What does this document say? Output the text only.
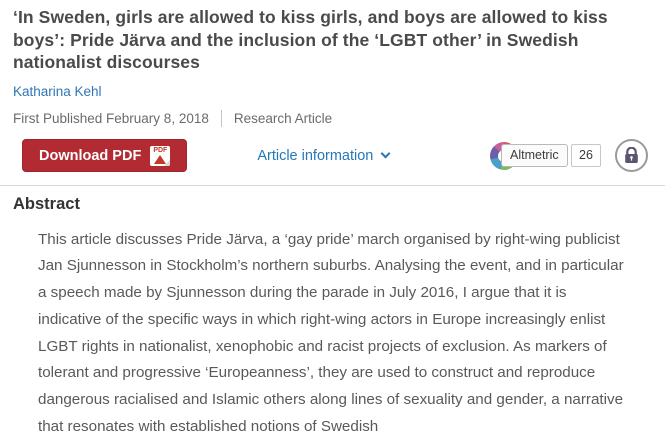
‘In Sweden, girls are allowed to kiss girls, and boys are allowed to kiss boys’: Pride Järva and the inclusion of the ‘LGBT other’ in Swedish nationalist discourses
Katharina Kehl
First Published February 8, 2018 Research Article
Download PDF	PDF	Article information	Altmetric	26
Abstract

This article discusses Pride Järva, a ‘gay pride’ march organised by right-wing publicist Jan Sjunnesson in Stockholm’s northern suburbs. Analysing the event, and in particular a speech made by Sjunnesson during the parade in July 2016, I argue that it is indicative of the specific ways in which right-wing actors in Europe increasingly enlist LGBT rights in nationalist, xenophobic and racist projects of exclusion. As markers of tolerant and progressive ‘Europeanness’, they are used to construct and reproduce dangerous racialised and Islamic others along lines of sexuality and gender, a narrative that resonates with established notions of Swedish
